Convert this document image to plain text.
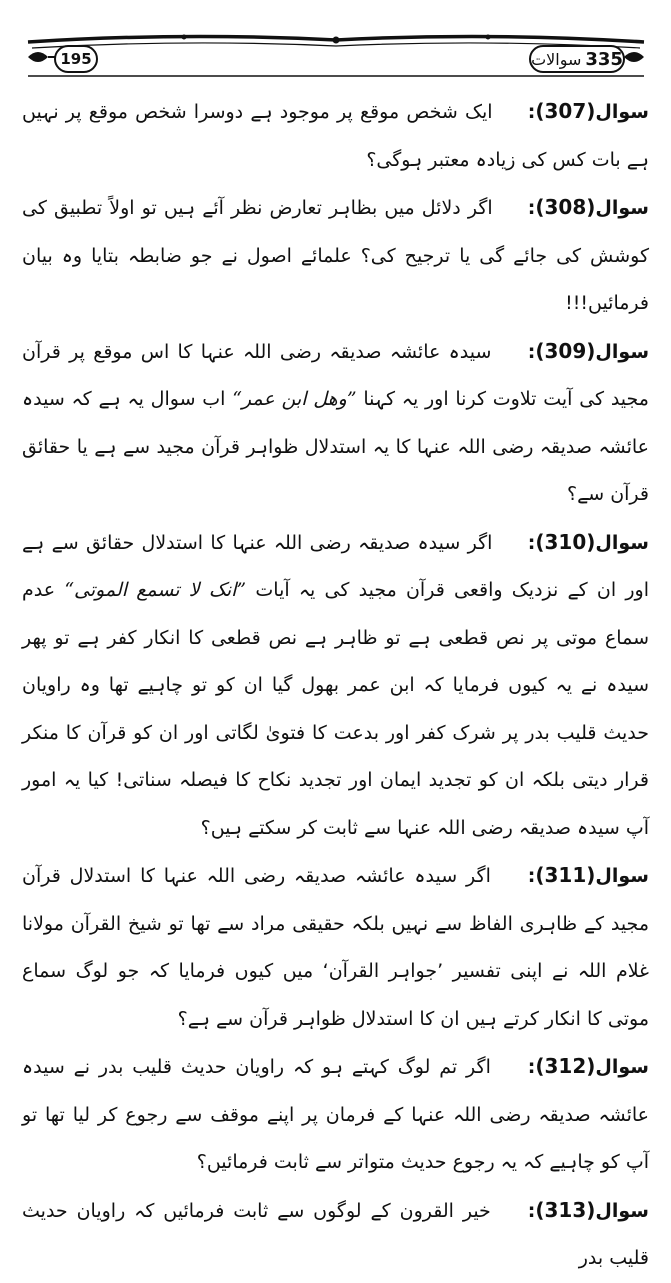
195	335
سوالات

سوال(307): ایک شخص موقع پر موجود ہے دوسرا شخص موقع پر نہیں ہے بات کس کی زیادہ معتبر ہوگی؟

سوال(308): اگر دلائل میں بظاہر تعارض نظر آئے ہیں تو اولاً تطبیق کی کوشش کی جائے گی یا ترجیح کی؟ علمائے اصول نے جو ضابطہ بتایا وہ بیان فرمائیں!!!

سوال(309): سیدہ عائشہ صدیقہ رضی اللہ عنہا کا اس موقع پر قرآن مجید کی آیت تلاوت کرنا اور یہ کہنا ”وھل ابن عمر“ اب سوال یہ ہے کہ سیدہ عائشہ صدیقہ رضی اللہ عنہا کا یہ استدلال ظواہر قرآن مجید سے ہے یا حقائق قرآن سے؟

سوال(310): اگر سیدہ صدیقہ رضی اللہ عنہا کا استدلال حقائق سے ہے اور ان کے نزدیک واقعی قرآن مجید کی یہ آیات ”انک لا تسمع الموتی“ عدم سماع موتی پر نص قطعی ہے تو ظاہر ہے نص قطعی کا انکار کفر ہے تو پھر سیدہ نے یہ کیوں فرمایا کہ ابن عمر بھول گیا ان کو تو چاہیے تھا وہ راویان حدیث قلیب بدر پر شرک کفر اور بدعت کا فتویٰ لگاتی اور ان کو قرآن کا منکر قرار دیتی بلکہ ان کو تجدید ایمان اور تجدید نکاح کا فیصلہ سناتی! کیا یہ امور آپ سیدہ صدیقہ رضی اللہ عنہا سے ثابت کر سکتے ہیں؟

سوال(311): اگر سیدہ عائشہ صدیقہ رضی اللہ عنہا کا استدلال قرآن مجید کے ظاہری الفاظ سے نہیں بلکہ حقیقی مراد سے تھا تو شیخ القرآن مولانا غلام اللہ نے اپنی تفسیر ’جواہر القرآن‘ میں کیوں فرمایا کہ جو لوگ سماع موتی کا انکار کرتے ہیں ان کا استدلال ظواہر قرآن سے ہے؟

سوال(312): اگر تم لوگ کہتے ہو کہ راویان حدیث قلیب بدر نے سیدہ عائشہ صدیقہ رضی اللہ عنہا کے فرمان پر اپنے موقف سے رجوع کر لیا تھا تو آپ کو چاہیے کہ یہ رجوع حدیث متواتر سے ثابت فرمائیں؟

سوال(313): خیر القرون کے لوگوں سے ثابت فرمائیں کہ راویان حدیث قلیب بدر
